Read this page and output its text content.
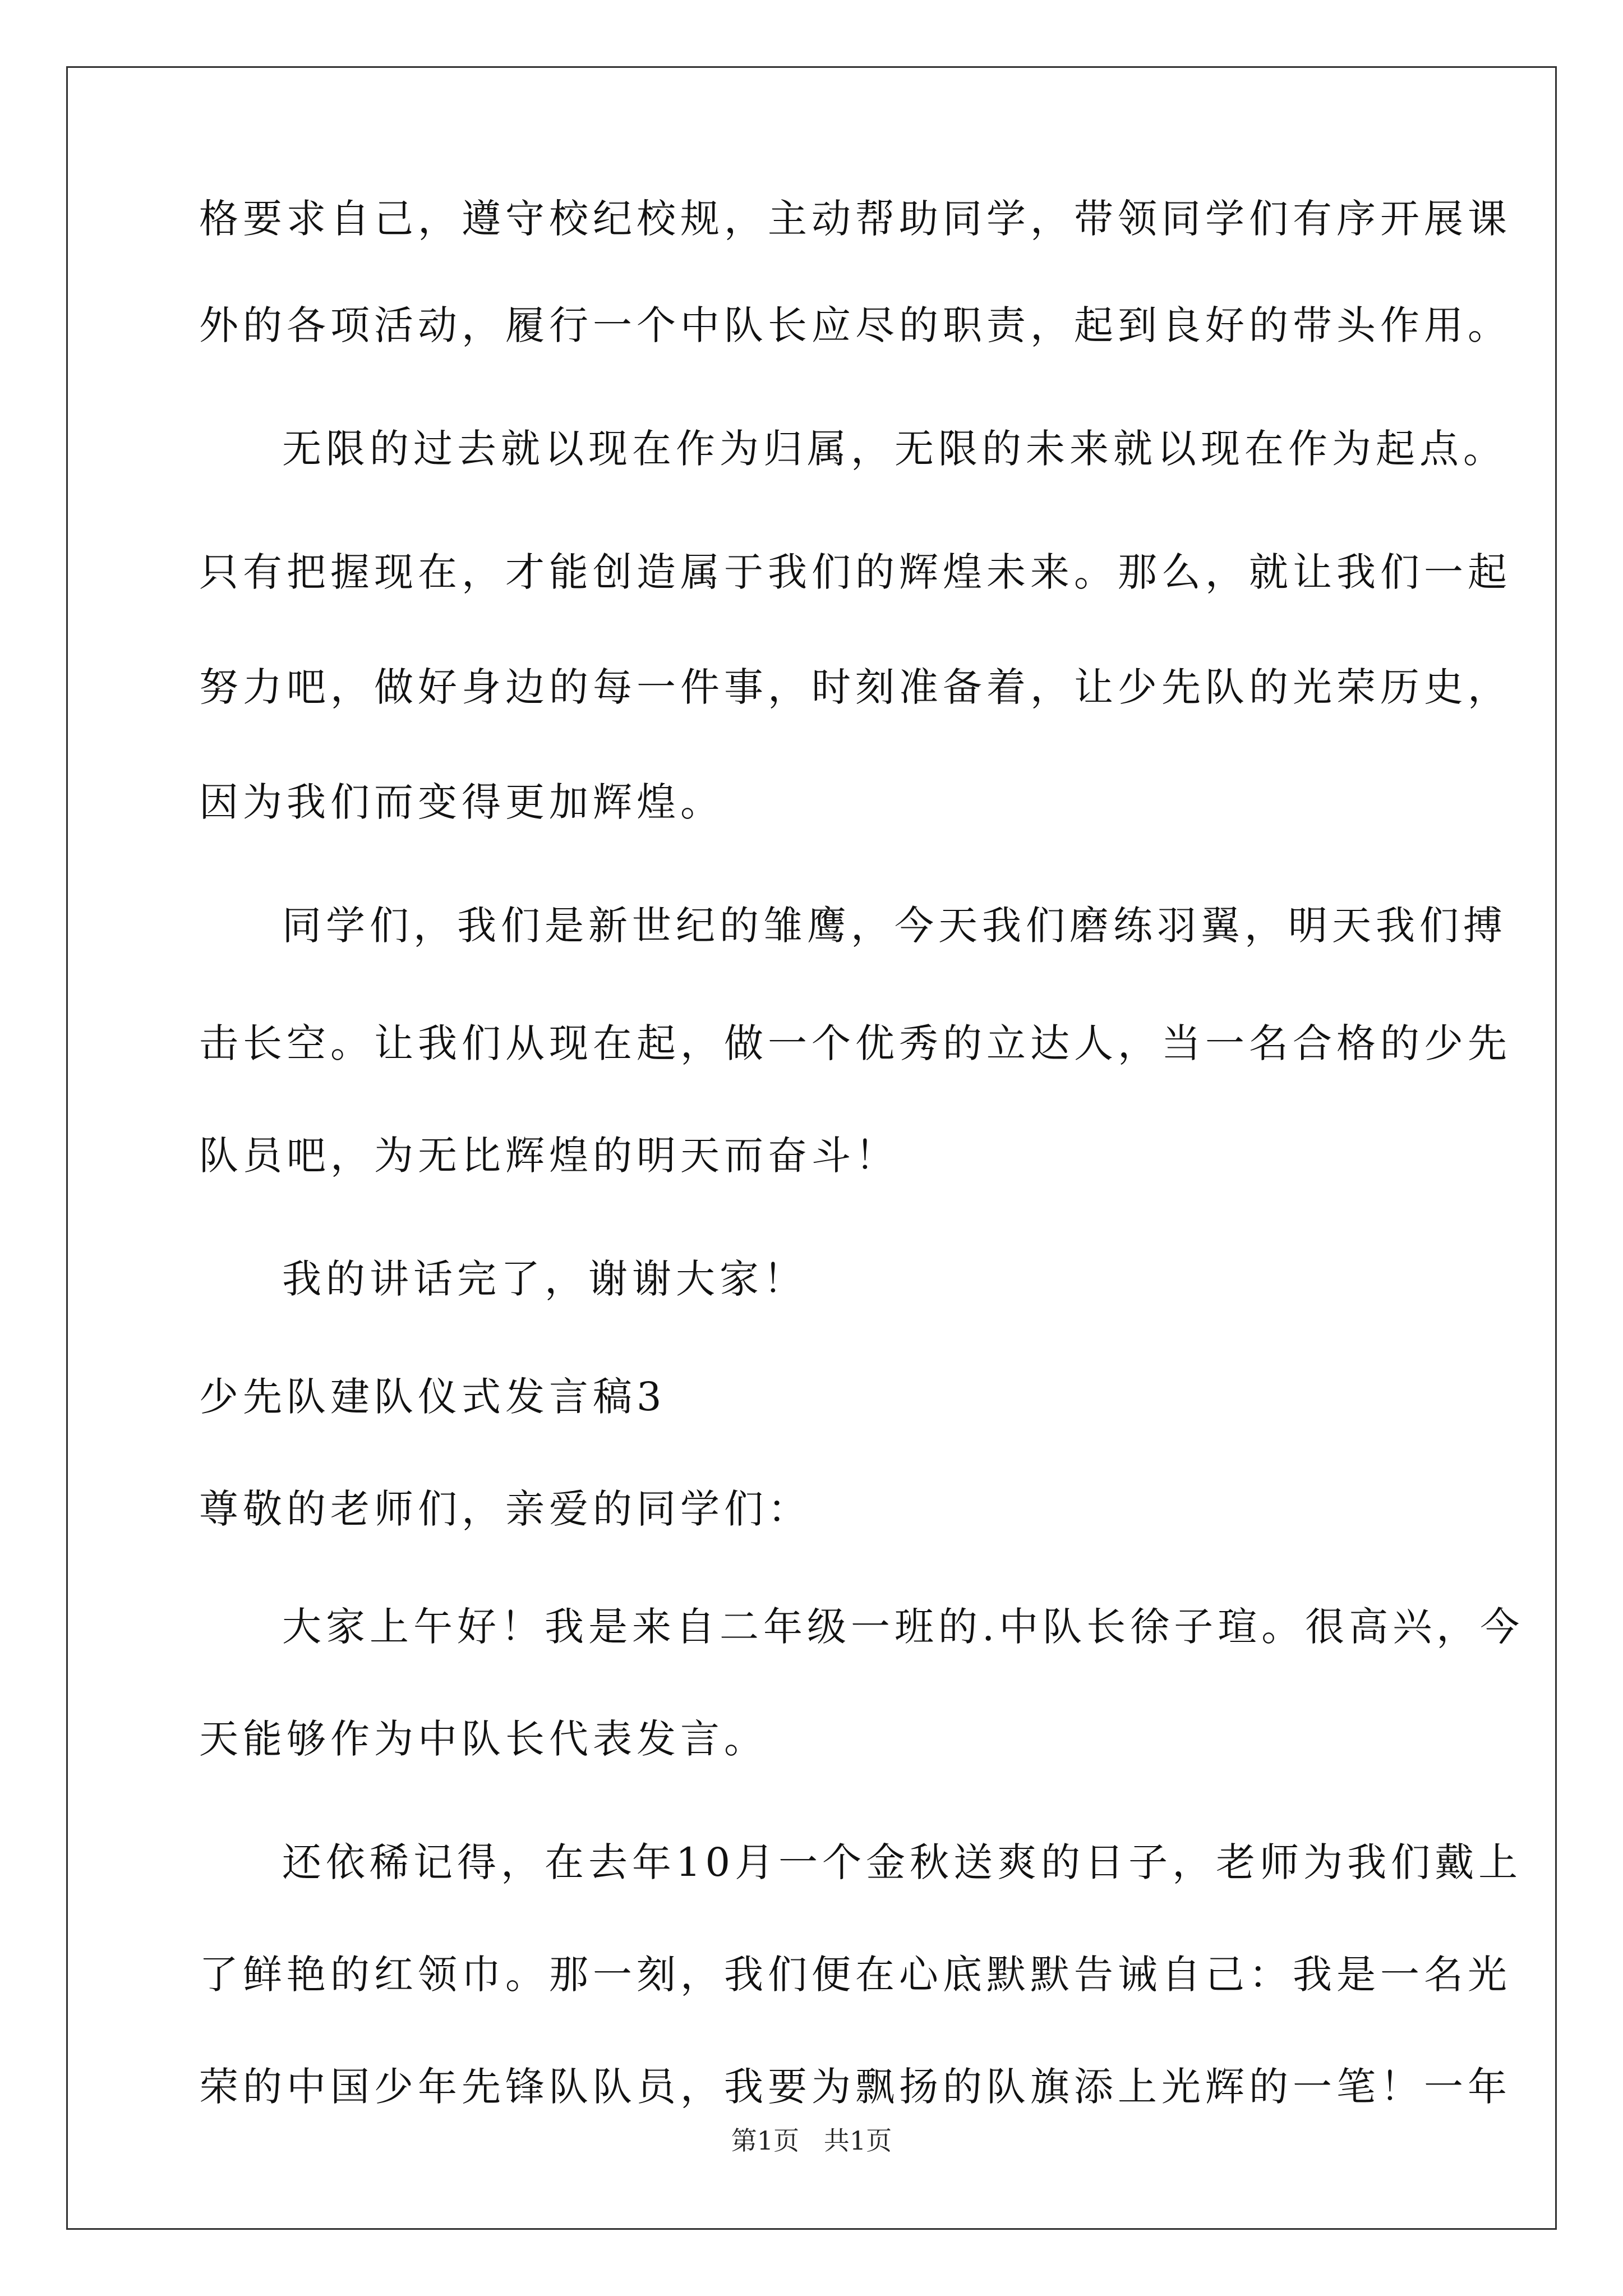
格要求自己，遵守校纪校规，主动帮助同学，带领同学们有序开展课
外的各项活动，履行一个中队长应尽的职责，起到良好的带头作用。
无限的过去就以现在作为归属，无限的未来就以现在作为起点。
只有把握现在，才能创造属于我们的辉煌未来。那么，就让我们一起
努力吧，做好身边的每一件事，时刻准备着，让少先队的光荣历史，
因为我们而变得更加辉煌。
同学们，我们是新世纪的雏鹰，今天我们磨练羽翼，明天我们搏
击长空。让我们从现在起，做一个优秀的立达人，当一名合格的少先
队员吧，为无比辉煌的明天而奋斗！
我的讲话完了，谢谢大家！
少先队建队仪式发言稿3
尊敬的老师们，亲爱的同学们：
大家上午好！我是来自二年级一班的.中队长徐子瑄。很高兴，今
天能够作为中队长代表发言。
还依稀记得，在去年10月一个金秋送爽的日子，老师为我们戴上
了鲜艳的红领巾。那一刻，我们便在心底默默告诫自己：我是一名光
荣的中国少年先锋队队员，我要为飘扬的队旗添上光辉的一笔！一年
第1页   共1页
